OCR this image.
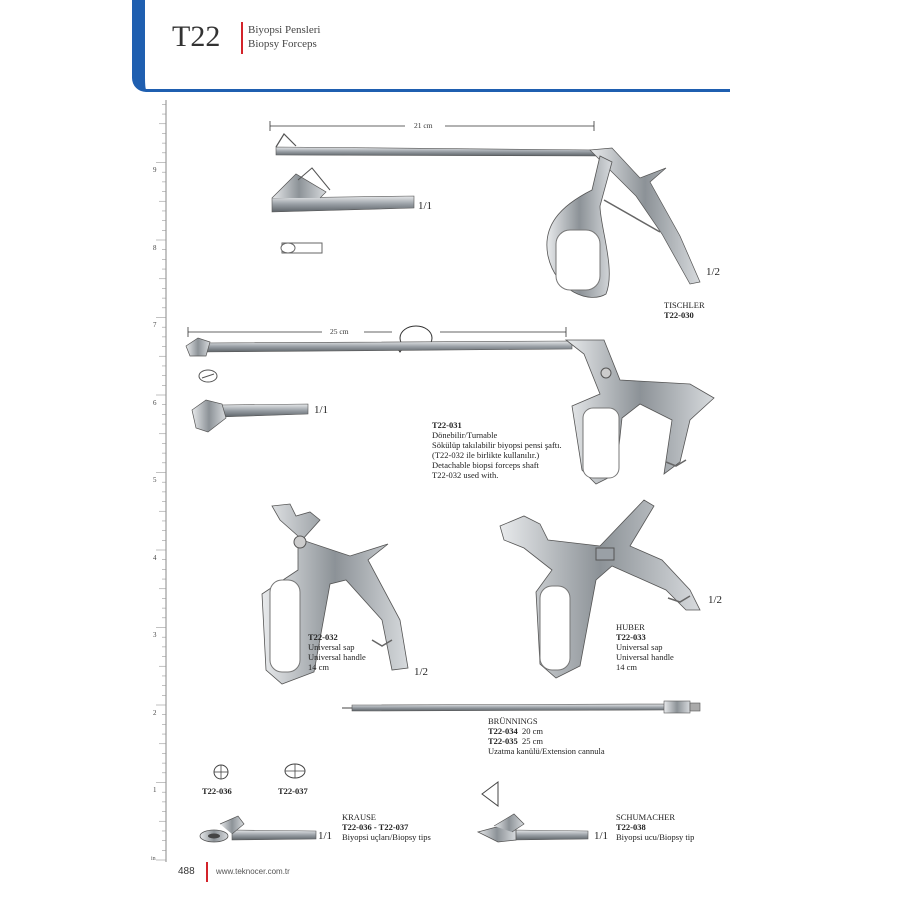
T22	Biyopsi Pensleri
Biopsy Forceps
9
8
7
6
5
4
3
2
1
in
21 cm
1/1
1/2
TISCHLER
T22-030
25 cm
1/1
T22-031
Dönebilir/Turnable
Sökülüp takılabilir biyopsi pensi şaftı.
(T22-032 ile birlikte kullanılır.)
Detachable biopsi forceps shaft
T22-032 used with.
T22-032
Universal sap
Universal handle
14 cm	1/2
HUBER
T22-033
Universal sap
Universal handle
14 cm
1/2
BRÜNNINGS
T22-034 20 cm
T22-035 25 cm
Uzatma kanülü/Extension cannula
T22-036	T22-037
KRAUSE
T22-036 - T22-037
Biyopsi uçları/Biopsy tips
1/1
SCHUMACHER
T22-038
Biyopsi ucu/Biopsy tip
1/1
488	www.teknocer.com.tr
